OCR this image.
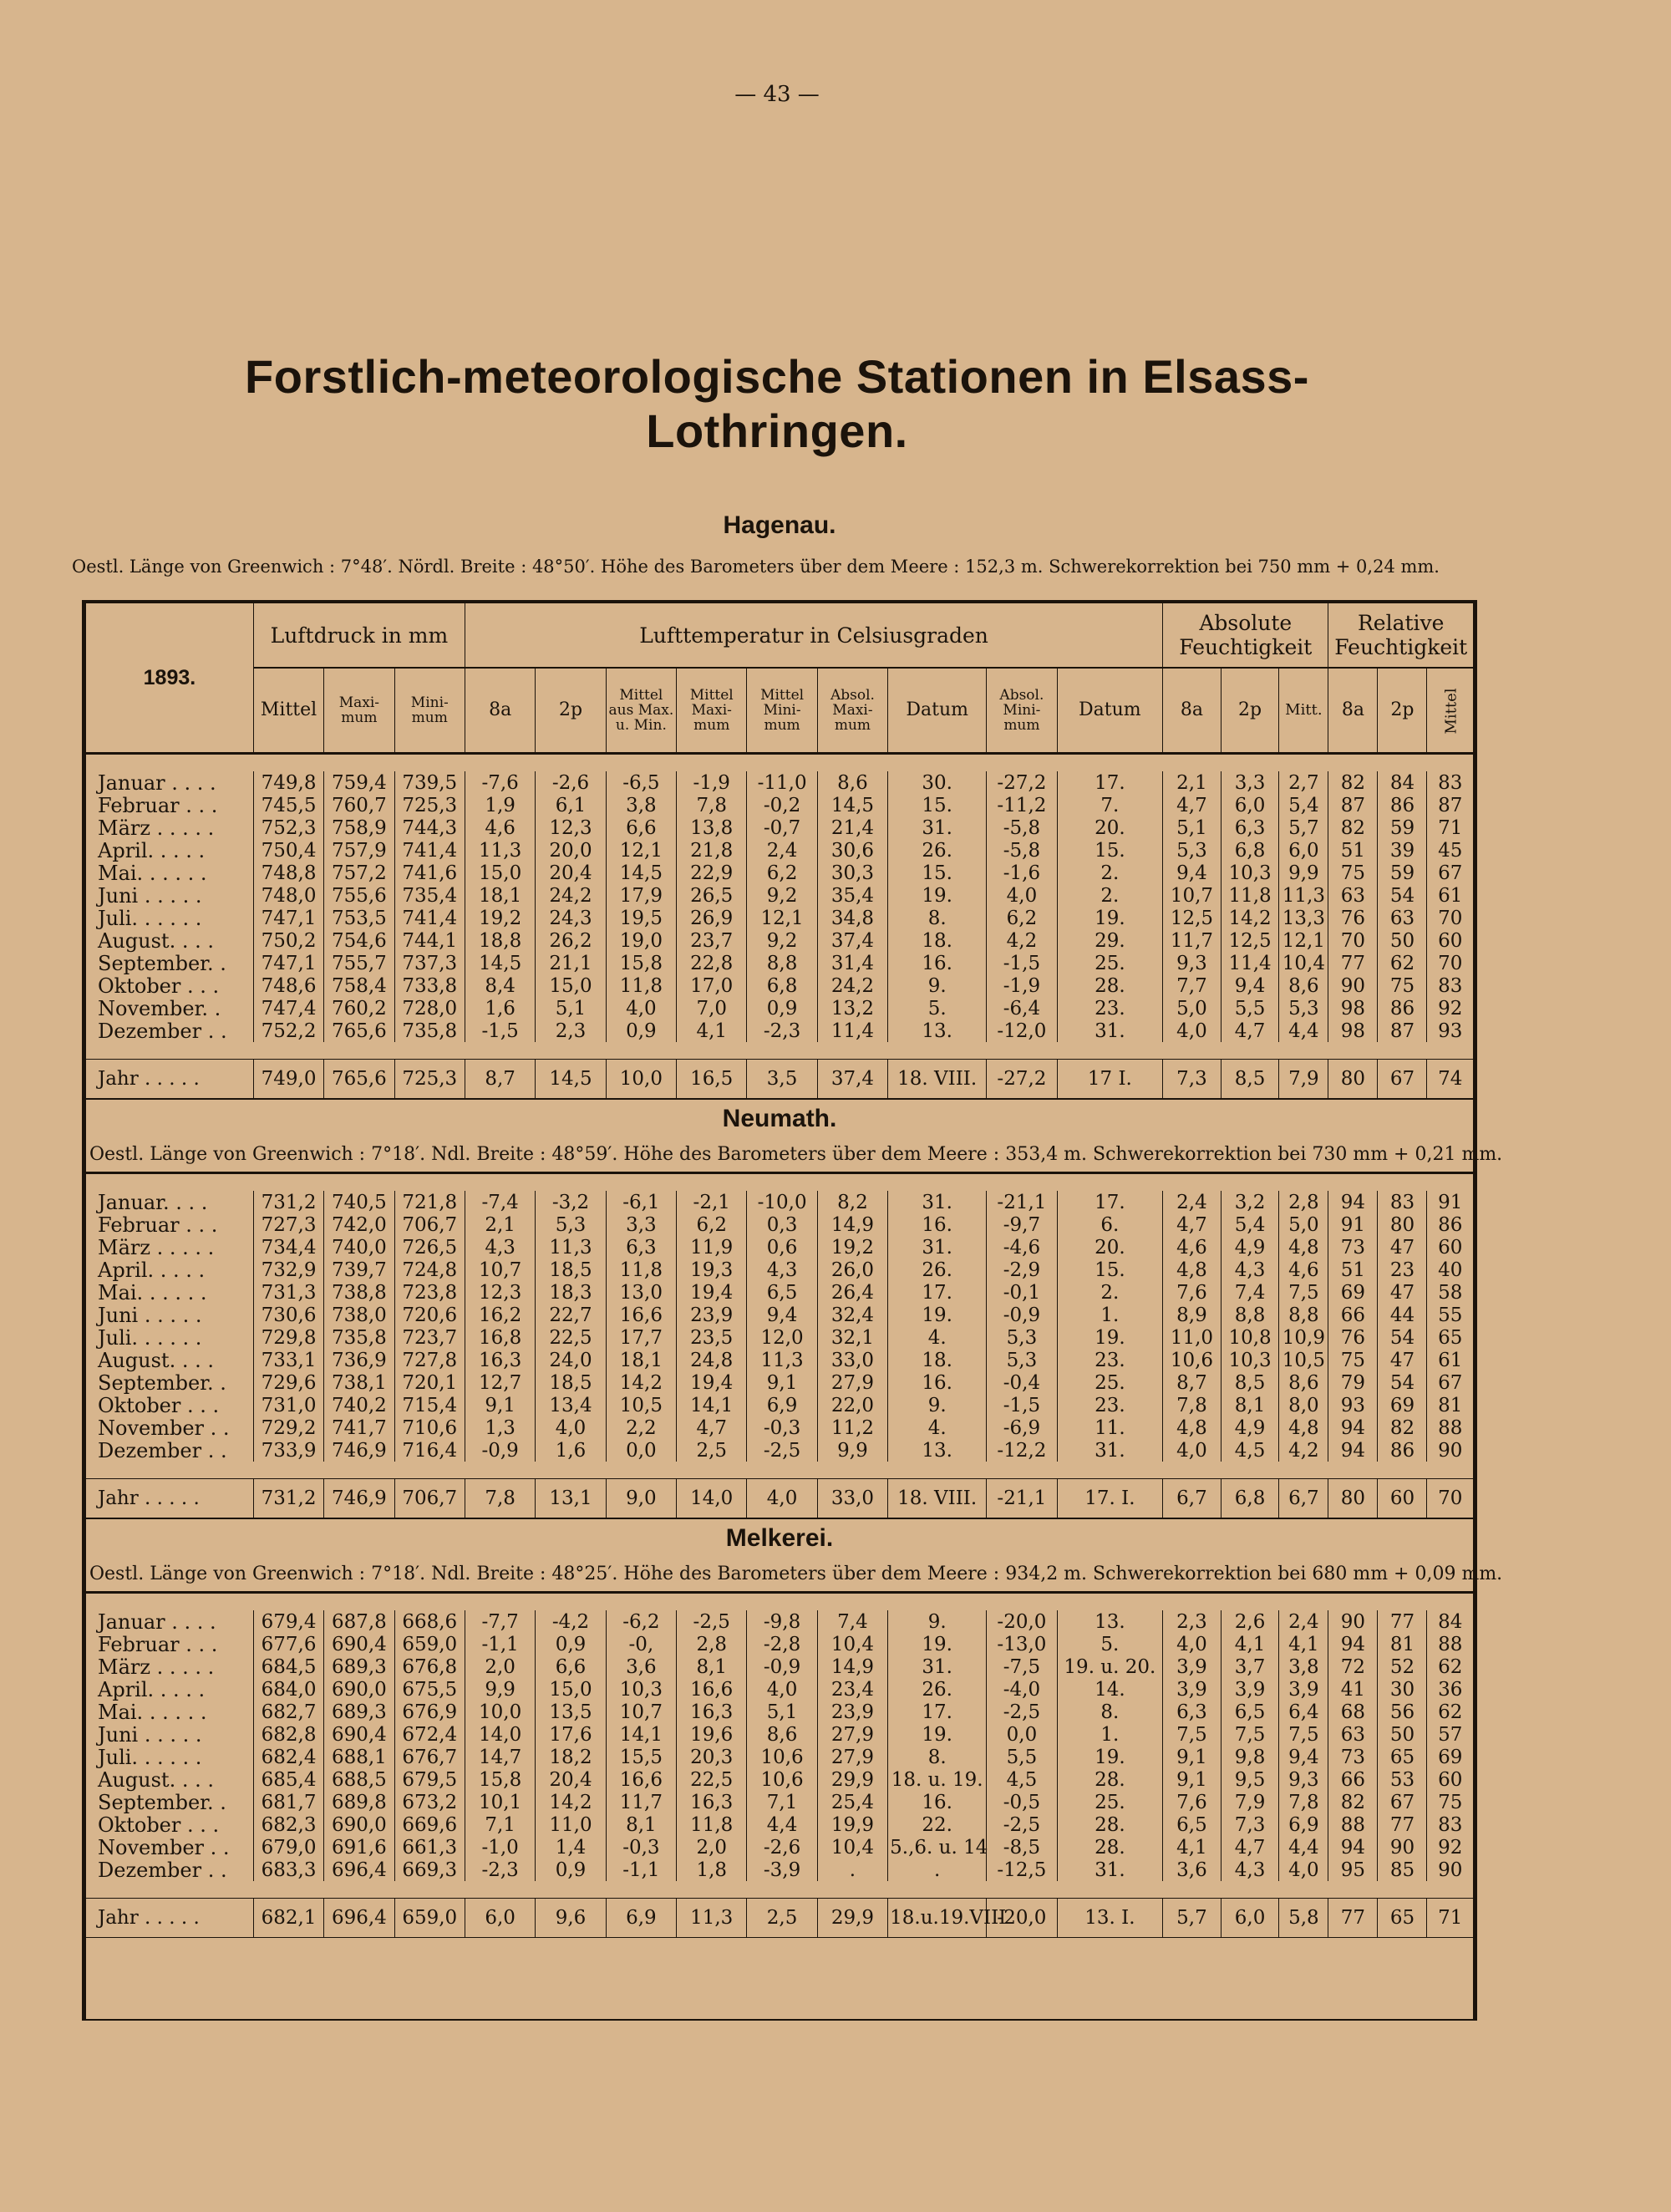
— 43 —
Forstlich-meteorologische Stationen in Elsass-Lothringen.
1893.	Luftdruck in mm			Lufttemperatur in Celsiusgraden									Absolute Feuchtigkeit			Relative Feuchtigkeit		
	Mittel	Maxi- mum	Mini- mum	8a	2p	Mittel aus Max. u. Min.	Mittel Maxi- mum	Mittel Mini- mum	Absol. Maxi- mum	Datum	Absol. Mini- mum	Datum	8a	2p	Mitt.	8a	2p	Mittel

Januar . . . .	749,8	759,4	739,5	-7,6	-2,6	-6,5	-1,9	-11,0	8,6	30.	-27,2	17.	2,1	3,3	2,7	82	84	83
Februar . . .	745,5	760,7	725,3	1,9	6,1	3,8	7,8	-0,2	14,5	15.	-11,2	7.	4,7	6,0	5,4	87	86	87
März . . . . .	752,3	758,9	744,3	4,6	12,3	6,6	13,8	-0,7	21,4	31.	-5,8	20.	5,1	6,3	5,7	82	59	71
April. . . . .	750,4	757,9	741,4	11,3	20,0	12,1	21,8	2,4	30,6	26.	-5,8	15.	5,3	6,8	6,0	51	39	45
Mai. . . . . .	748,8	757,2	741,6	15,0	20,4	14,5	22,9	6,2	30,3	15.	-1,6	2.	9,4	10,3	9,9	75	59	67
Juni . . . . .	748,0	755,6	735,4	18,1	24,2	17,9	26,5	9,2	35,4	19.	4,0	2.	10,7	11,8	11,3	63	54	61
Juli. . . . . .	747,1	753,5	741,4	19,2	24,3	19,5	26,9	12,1	34,8	8.	6,2	19.	12,5	14,2	13,3	76	63	70
August. . . .	750,2	754,6	744,1	18,8	26,2	19,0	23,7	9,2	37,4	18.	4,2	29.	11,7	12,5	12,1	70	50	60
September. .	747,1	755,7	737,3	14,5	21,1	15,8	22,8	8,8	31,4	16.	-1,5	25.	9,3	11,4	10,4	77	62	70
Oktober . . .	748,6	758,4	733,8	8,4	15,0	11,8	17,0	6,8	24,2	9.	-1,9	28.	7,7	9,4	8,6	90	75	83
November. .	747,4	760,2	728,0	1,6	5,1	4,0	7,0	0,9	13,2	5.	-6,4	23.	5,0	5,5	5,3	98	86	92
Dezember . .	752,2	765,6	735,8	-1,5	2,3	0,9	4,1	-2,3	11,4	13.	-12,0	31.	4,0	4,7	4,4	98	87	93

Jahr . . . . .	749,0	765,6	725,3	8,7	14,5	10,0	16,5	3,5	37,4	18. VIII.	-27,2	17 I.	7,3	8,5	7,9	80	67	74
Neumath.																		
Oestl. Länge von Greenwich : 7°18′. Ndl. Breite : 48°59′. Höhe des Barometers über dem Meere : 353,4 m. Schwerekorrektion bei 730 mm + 0,21 mm.																		

Januar. . . .	731,2	740,5	721,8	-7,4	-3,2	-6,1	-2,1	-10,0	8,2	31.	-21,1	17.	2,4	3,2	2,8	94	83	91
Februar . . .	727,3	742,0	706,7	2,1	5,3	3,3	6,2	0,3	14,9	16.	-9,7	6.	4,7	5,4	5,0	91	80	86
März . . . . .	734,4	740,0	726,5	4,3	11,3	6,3	11,9	0,6	19,2	31.	-4,6	20.	4,6	4,9	4,8	73	47	60
April. . . . .	732,9	739,7	724,8	10,7	18,5	11,8	19,3	4,3	26,0	26.	-2,9	15.	4,8	4,3	4,6	51	23	40
Mai. . . . . .	731,3	738,8	723,8	12,3	18,3	13,0	19,4	6,5	26,4	17.	-0,1	2.	7,6	7,4	7,5	69	47	58
Juni . . . . .	730,6	738,0	720,6	16,2	22,7	16,6	23,9	9,4	32,4	19.	-0,9	1.	8,9	8,8	8,8	66	44	55
Juli. . . . . .	729,8	735,8	723,7	16,8	22,5	17,7	23,5	12,0	32,1	4.	5,3	19.	11,0	10,8	10,9	76	54	65
August. . . .	733,1	736,9	727,8	16,3	24,0	18,1	24,8	11,3	33,0	18.	5,3	23.	10,6	10,3	10,5	75	47	61
September. .	729,6	738,1	720,1	12,7	18,5	14,2	19,4	9,1	27,9	16.	-0,4	25.	8,7	8,5	8,6	79	54	67
Oktober . . .	731,0	740,2	715,4	9,1	13,4	10,5	14,1	6,9	22,0	9.	-1,5	23.	7,8	8,1	8,0	93	69	81
November . .	729,2	741,7	710,6	1,3	4,0	2,2	4,7	-0,3	11,2	4.	-6,9	11.	4,8	4,9	4,8	94	82	88
Dezember . .	733,9	746,9	716,4	-0,9	1,6	0,0	2,5	-2,5	9,9	13.	-12,2	31.	4,0	4,5	4,2	94	86	90

Jahr . . . . .	731,2	746,9	706,7	7,8	13,1	9,0	14,0	4,0	33,0	18. VIII.	-21,1	17. I.	6,7	6,8	6,7	80	60	70
Melkerei.																		
Oestl. Länge von Greenwich : 7°18′. Ndl. Breite : 48°25′. Höhe des Barometers über dem Meere : 934,2 m. Schwerekorrektion bei 680 mm + 0,09 mm.																		

Januar . . . .	679,4	687,8	668,6	-7,7	-4,2	-6,2	-2,5	-9,8	7,4	9.	-20,0	13.	2,3	2,6	2,4	90	77	84
Februar . . .	677,6	690,4	659,0	-1,1	0,9	-0,	2,8	-2,8	10,4	19.	-13,0	5.	4,0	4,1	4,1	94	81	88
März . . . . .	684,5	689,3	676,8	2,0	6,6	3,6	8,1	-0,9	14,9	31.	-7,5	19. u. 20.	3,9	3,7	3,8	72	52	62
April. . . . .	684,0	690,0	675,5	9,9	15,0	10,3	16,6	4,0	23,4	26.	-4,0	14.	3,9	3,9	3,9	41	30	36
Mai. . . . . .	682,7	689,3	676,9	10,0	13,5	10,7	16,3	5,1	23,9	17.	-2,5	8.	6,3	6,5	6,4	68	56	62
Juni . . . . .	682,8	690,4	672,4	14,0	17,6	14,1	19,6	8,6	27,9	19.	0,0	1.	7,5	7,5	7,5	63	50	57
Juli. . . . . .	682,4	688,1	676,7	14,7	18,2	15,5	20,3	10,6	27,9	8.	5,5	19.	9,1	9,8	9,4	73	65	69
August. . . .	685,4	688,5	679,5	15,8	20,4	16,6	22,5	10,6	29,9	18. u. 19.	4,5	28.	9,1	9,5	9,3	66	53	60
September. .	681,7	689,8	673,2	10,1	14,2	11,7	16,3	7,1	25,4	16.	-0,5	25.	7,6	7,9	7,8	82	67	75
Oktober . . .	682,3	690,0	669,6	7,1	11,0	8,1	11,8	4,4	19,9	22.	-2,5	28.	6,5	7,3	6,9	88	77	83
November . .	679,0	691,6	661,3	-1,0	1,4	-0,3	2,0	-2,6	10,4	5.,6. u. 14	-8,5	28.	4,1	4,7	4,4	94	90	92
Dezember . .	683,3	696,4	669,3	-2,3	0,9	-1,1	1,8	-3,9	.	.	-12,5	31.	3,6	4,3	4,0	95	85	90

Jahr . . . . .	682,1	696,4	659,0	6,0	9,6	6,9	11,3	2,5	29,9	18.u.19.VIII	-20,0	13. I.	5,7	6,0	5,8	77	65	71
Hagenau.
Oestl. Länge von Greenwich : 7°48′. Nördl. Breite : 48°50′. Höhe des Barometers über dem Meere : 152,3 m. Schwerekorrektion bei 750 mm + 0,24 mm.
